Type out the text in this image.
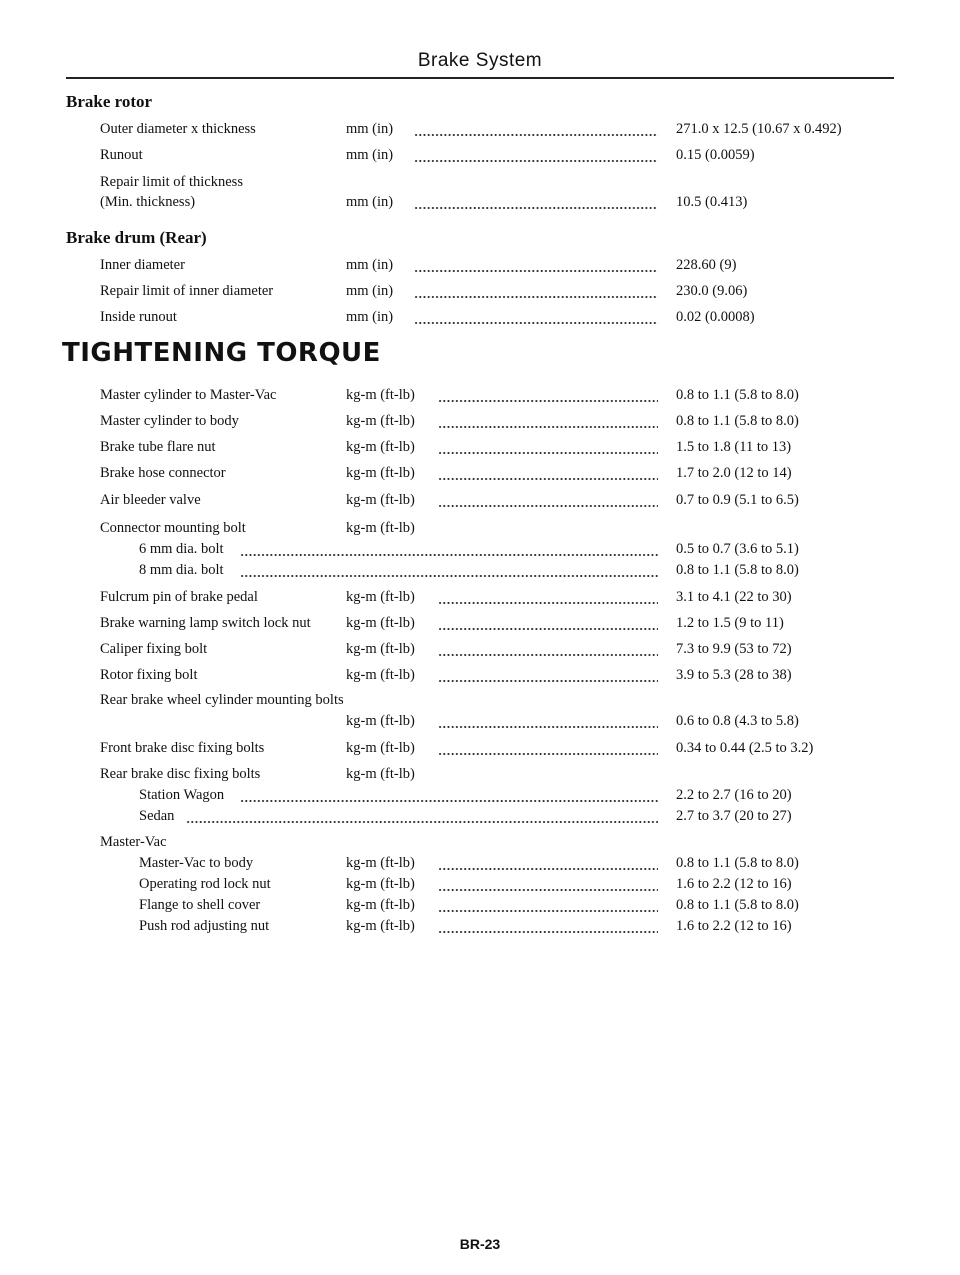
Brake System
Brake rotor
Outer diameter x thickness	mm (in)	271.0 x 12.5 (10.67 x 0.492)
Runout	mm (in)	0.15 (0.0059)
Repair limit of thickness
(Min. thickness)	mm (in)	10.5 (0.413)
Brake drum (Rear)
Inner diameter	mm (in)	228.60 (9)
Repair limit of inner diameter	mm (in)	230.0 (9.06)
Inside runout	mm (in)	0.02 (0.0008)
TIGHTENING TORQUE
Master cylinder to Master-Vac	kg-m (ft-lb)	0.8 to 1.1 (5.8 to 8.0)
Master cylinder to body	kg-m (ft-lb)	0.8 to 1.1 (5.8 to 8.0)
Brake tube flare nut	kg-m (ft-lb)	1.5 to 1.8 (11 to 13)
Brake hose connector	kg-m (ft-lb)	1.7 to 2.0 (12 to 14)
Air bleeder valve	kg-m (ft-lb)	0.7 to 0.9 (5.1 to 6.5)
Connector mounting bolt	kg-m (ft-lb)
6 mm dia. bolt	0.5 to 0.7 (3.6 to 5.1)
8 mm dia. bolt	0.8 to 1.1 (5.8 to 8.0)
Fulcrum pin of brake pedal	kg-m (ft-lb)	3.1 to 4.1 (22 to 30)
Brake warning lamp switch lock nut kg-m (ft-lb)	1.2 to 1.5 (9 to 11)
Caliper fixing bolt	kg-m (ft-lb)	7.3 to 9.9 (53 to 72)
Rotor fixing bolt	kg-m (ft-lb)	3.9 to 5.3 (28 to 38)
Rear brake wheel cylinder mounting bolts
kg-m (ft-lb)	0.6 to 0.8 (4.3 to 5.8)
Front brake disc fixing bolts	kg-m (ft-lb)	0.34 to 0.44 (2.5 to 3.2)
Rear brake disc fixing bolts	kg-m (ft-lb)
Station Wagon	2.2 to 2.7 (16 to 20)
Sedan	2.7 to 3.7 (20 to 27)
Master-Vac
Master-Vac to body	kg-m (ft-lb)	0.8 to 1.1 (5.8 to 8.0)
Operating rod lock nut	kg-m (ft-lb)	1.6 to 2.2 (12 to 16)
Flange to shell cover	kg-m (ft-lb)	0.8 to 1.1 (5.8 to 8.0)
Push rod adjusting nut	kg-m (ft-lb)	1.6 to 2.2 (12 to 16)
BR-23
